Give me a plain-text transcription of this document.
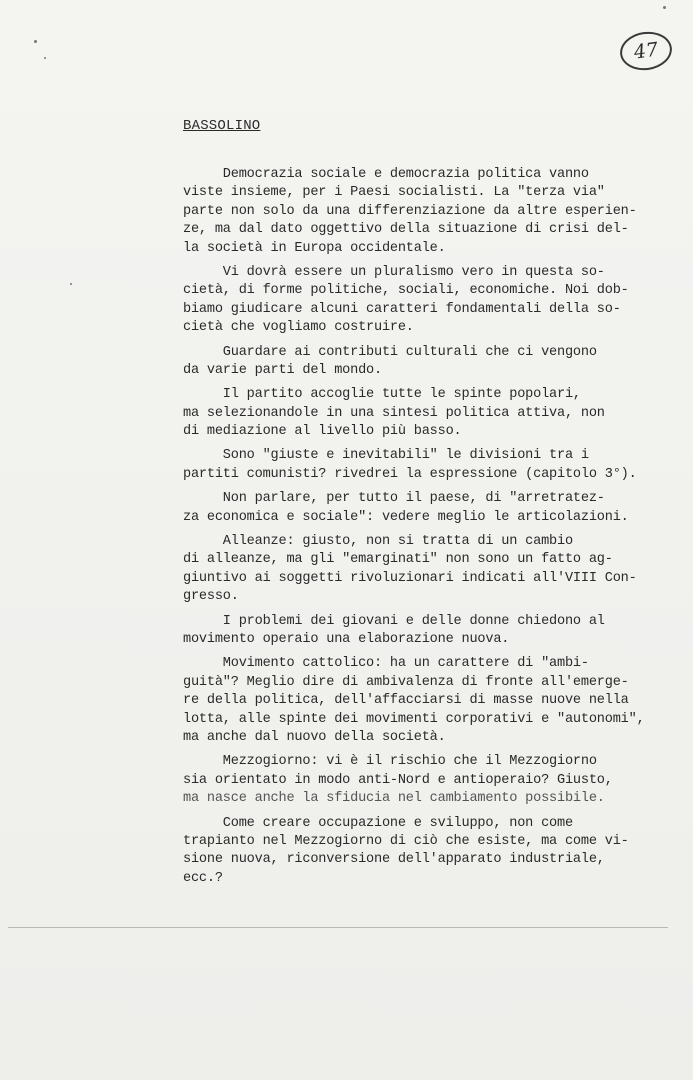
47
BASSOLINO
Democrazia sociale e democrazia politica vanno
viste insieme, per i Paesi socialisti. La "terza via"
parte non solo da una differenziazione da altre esperien-
ze, ma dal dato oggettivo della situazione di crisi del-
la società in Europa occidentale.
Vi dovrà essere un pluralismo vero in questa so-
cietà, di forme politiche, sociali, economiche. Noi dob-
biamo giudicare alcuni caratteri fondamentali della so-
cietà che vogliamo costruire.
Guardare ai contributi culturali che ci vengono
da varie parti del mondo.
Il partito accoglie tutte le spinte popolari,
ma selezionandole in una sintesi politica attiva, non
di mediazione al livello più basso.
Sono "giuste e inevitabili" le divisioni tra i
partiti comunisti? rivedrei la espressione (capitolo 3°).
Non parlare, per tutto il paese, di "arretratez-
za economica e sociale": vedere meglio le articolazioni.
Alleanze: giusto, non si tratta di un cambio
di alleanze, ma gli "emarginati" non sono un fatto ag-
giuntivo ai soggetti rivoluzionari indicati all'VIII Con-
gresso.
I problemi dei giovani e delle donne chiedono al
movimento operaio una elaborazione nuova.
Movimento cattolico: ha un carattere di "ambi-
guità"? Meglio dire di ambivalenza di fronte all'emerge-
re della politica, dell'affacciarsi di masse nuove nella
lotta, alle spinte dei movimenti corporativi e "autonomi",
ma anche dal nuovo della società.
Mezzogiorno: vi è il rischio che il Mezzogiorno
sia orientato in modo anti-Nord e antioperaio? Giusto,
ma nasce anche la sfiducia nel cambiamento possibile.
Come creare occupazione e sviluppo, non come
trapianto nel Mezzogiorno di ciò che esiste, ma come vi-
sione nuova, riconversione dell'apparato industriale,
ecc.?
